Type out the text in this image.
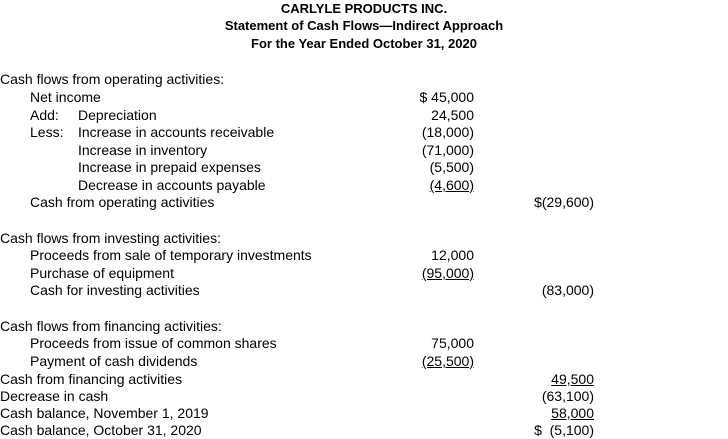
CARLYLE PRODUCTS INC.
Statement of Cash Flows—Indirect Approach
For the Year Ended October 31, 2020
Cash flows from operating activities:
Net income	$ 45,000
Add: Depreciation	24,500
Less: Increase in accounts receivable	(18,000)
Increase in inventory	(71,000)
Increase in prepaid expenses	(5,500)
Decrease in accounts payable	(4,600)
Cash from operating activities	$(29,600)
Cash flows from investing activities:
Proceeds from sale of temporary investments	12,000
Purchase of equipment	(95,000)
Cash for investing activities	(83,000)
Cash flows from financing activities:
Proceeds from issue of common shares	75,000
Payment of cash dividends	(25,500)
Cash from financing activities	49,500
Decrease in cash	(63,100)
Cash balance, November 1, 2019	58,000
Cash balance, October 31, 2020	$  (5,100)
